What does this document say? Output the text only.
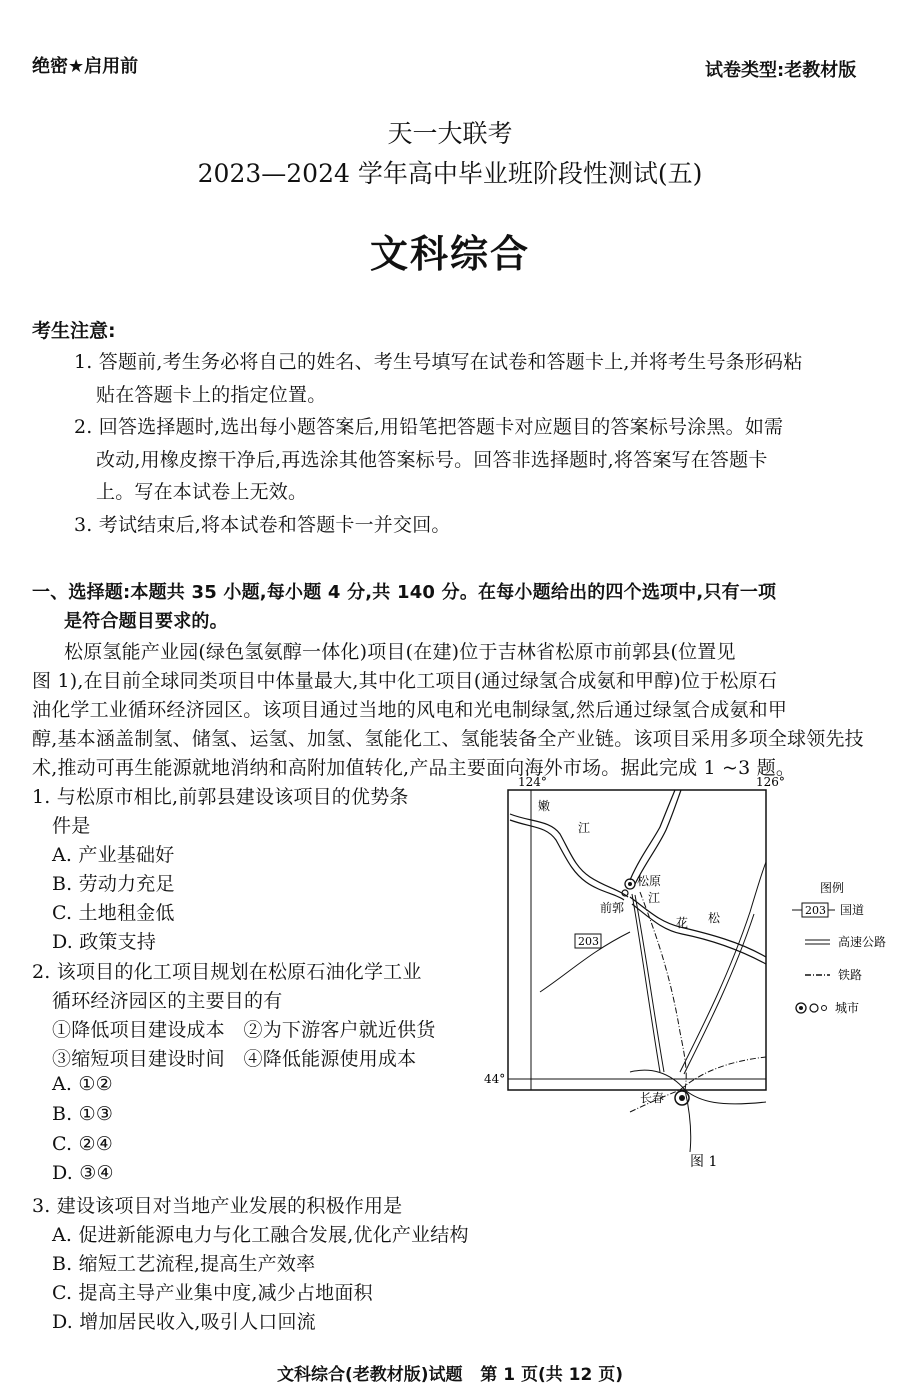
绝密★启用前	试卷类型:老教材版
天一大联考
2023—2024 学年高中毕业班阶段性测试(五)
文科综合
考生注意:
1. 答题前,考生务必将自己的姓名、考生号填写在试卷和答题卡上,并将考生号条形码粘
贴在答题卡上的指定位置。
2. 回答选择题时,选出每小题答案后,用铅笔把答题卡对应题目的答案标号涂黑。如需
改动,用橡皮擦干净后,再选涂其他答案标号。回答非选择题时,将答案写在答题卡
上。写在本试卷上无效。
3. 考试结束后,将本试卷和答题卡一并交回。
一、选择题:本题共 35 小题,每小题 4 分,共 140 分。在每小题给出的四个选项中,只有一项
是符合题目要求的。
松原氢能产业园(绿色氢氨醇一体化)项目(在建)位于吉林省松原市前郭县(位置见
图 1),在目前全球同类项目中体量最大,其中化工项目(通过绿氢合成氨和甲醇)位于松原石
油化学工业循环经济园区。该项目通过当地的风电和光电制绿氢,然后通过绿氢合成氨和甲
醇,基本涵盖制氢、储氢、运氢、加氢、氢能化工、氢能装备全产业链。该项目采用多项全球领先技
术,推动可再生能源就地消纳和高附加值转化,产品主要面向海外市场。据此完成 1 ~3 题。
1. 与松原市相比,前郭县建设该项目的优势条
件是
A. 产业基础好
B. 劳动力充足
C. 土地租金低
D. 政策支持
2. 该项目的化工项目规划在松原石油化学工业
循环经济园区的主要目的有
①降低项目建设成本   ②为下游客户就近供货
③缩短项目建设时间   ④降低能源使用成本
A. ①②
B. ①③
C. ②④
D. ③④
3. 建设该项目对当地产业发展的积极作用是
A. 促进新能源电力与化工融合发展,优化产业结构
B. 缩短工艺流程,提高生产效率
C. 提高主导产业集中度,减少占地面积
D. 增加居民收入,吸引人口回流
124°	126°
44°
嫩
江
松原
江
前郭
花 松
203
长春
图 1
图例
203 国道
高速公路
铁路
城市
文科综合(老教材版)试题   第 1 页(共 12 页)
